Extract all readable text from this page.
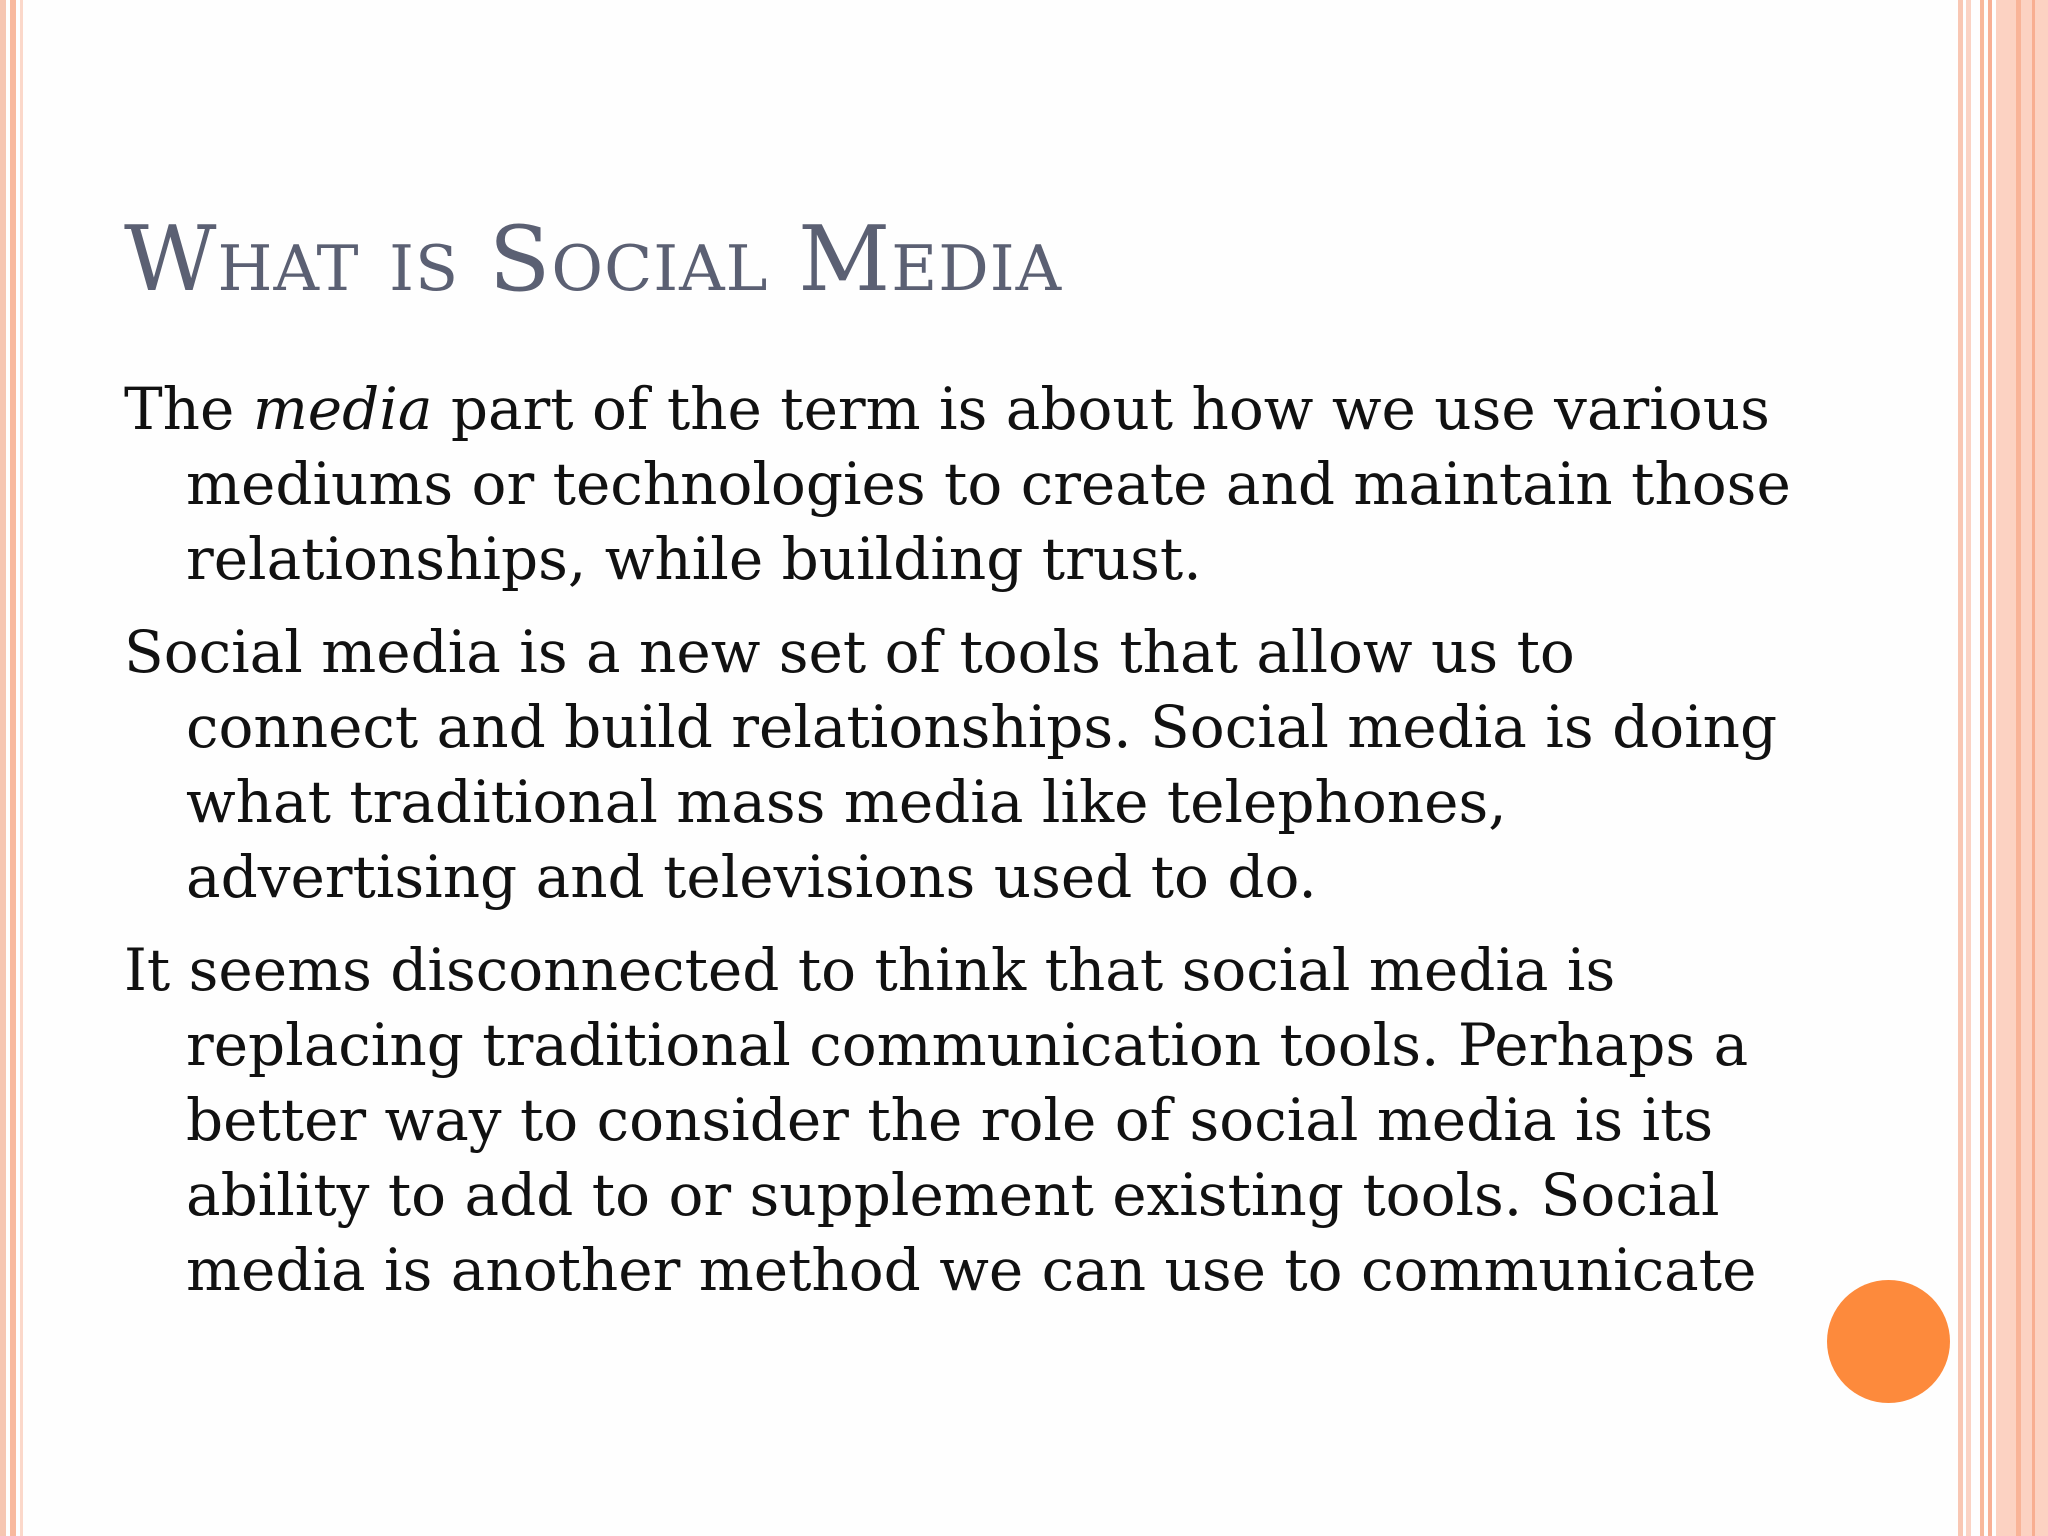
What is Social Media

The media part of the term is about how we use various mediums or technologies to create and maintain those relationships, while building trust.

Social media is a new set of tools that allow us to connect and build relationships. Social media is doing what traditional mass media like telephones, advertising and televisions used to do.

It seems disconnected to think that social media is replacing traditional communication tools. Perhaps a better way to consider the role of social media is its ability to add to or supplement existing tools. Social media is another method we can use to communicate
